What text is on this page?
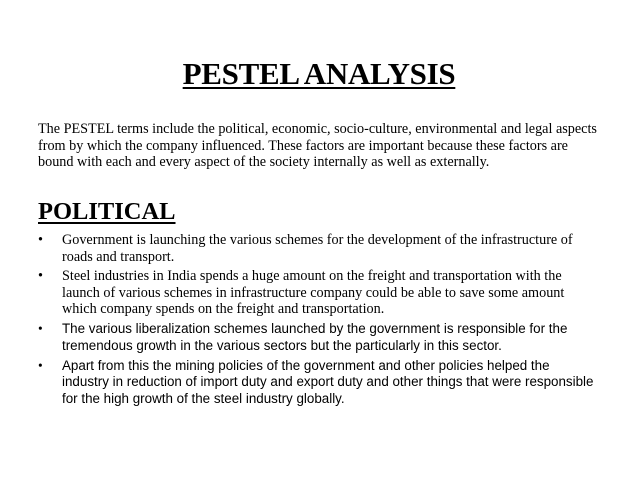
PESTEL ANALYSIS

The PESTEL terms include the political, economic, socio-culture, environmental and legal aspects from by which the company influenced. These factors are important because these factors are bound with each and every aspect of the society internally as well as externally.

POLITICAL
• Government is launching the various schemes for the development of the infrastructure of roads and transport.
• Steel industries in India spends a huge amount on the freight and transportation with the launch of various schemes in infrastructure company could be able to save some amount which company spends on the freight and transportation.
• The various liberalization schemes launched by the government is responsible for the tremendous growth in the various sectors but the particularly in this sector.
• Apart from this the mining policies of the government and other policies helped the industry in reduction of import duty and export duty and other things that were responsible for the high growth of the steel industry globally.
